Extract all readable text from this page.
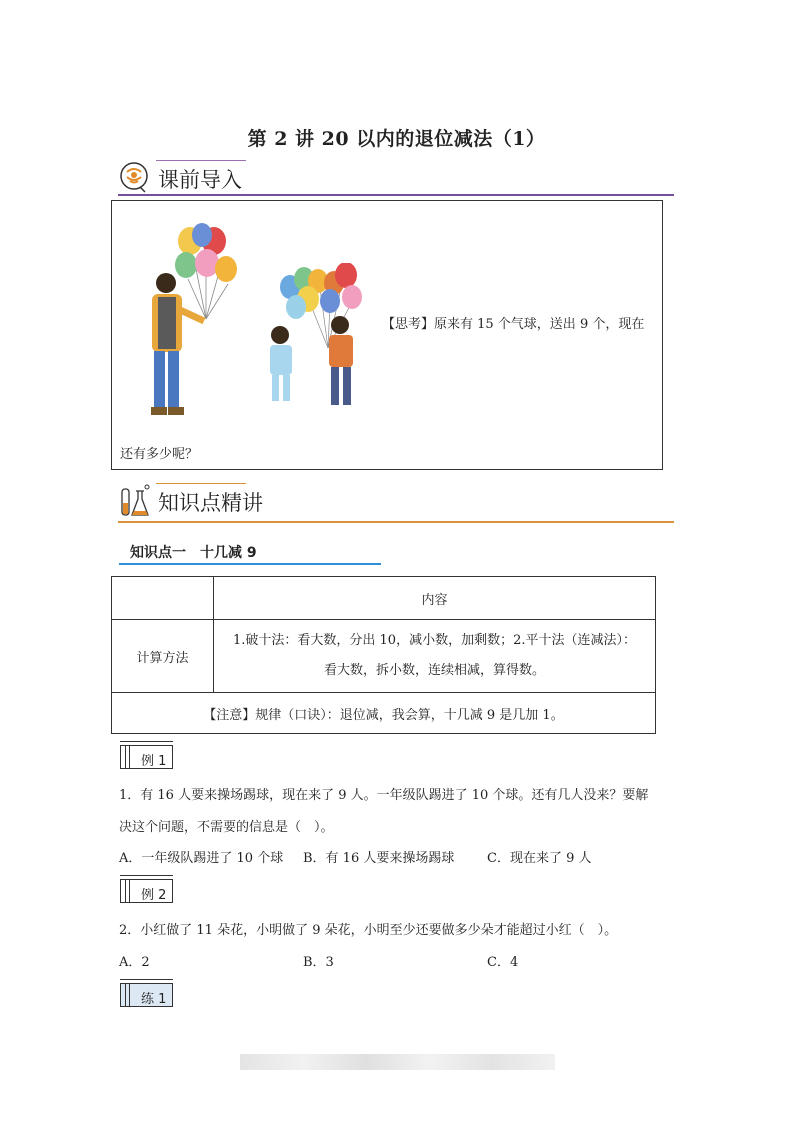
第 2 讲 20 以内的退位减法（1）
课前导入
【思考】原来有 15 个气球，送出 9 个，现在
还有多少呢？
知识点精讲
知识点一　十几减 9
	内容
计算方法	1.破十法：看大数，分出 10，减小数，加剩数；2.平十法（连减法）：
看大数，拆小数，连续相减，算得数。

【注意】规律（口诀）：退位减，我会算，十几减 9 是几加 1。	
例 1
1．有 16 人要来操场踢球，现在来了 9 人。一年级队踢进了 10 个球。还有几人没来？要解
决这个问题，不需要的信息是（　）。
A．一年级队踢进了 10 个球 B．有 16 人要来操场踢球	C．现在来了 9 人
例 2
2．小红做了 11 朵花，小明做了 9 朵花，小明至少还要做多少朵才能超过小红（　）。
A．2	B．3	C．4
练 1
